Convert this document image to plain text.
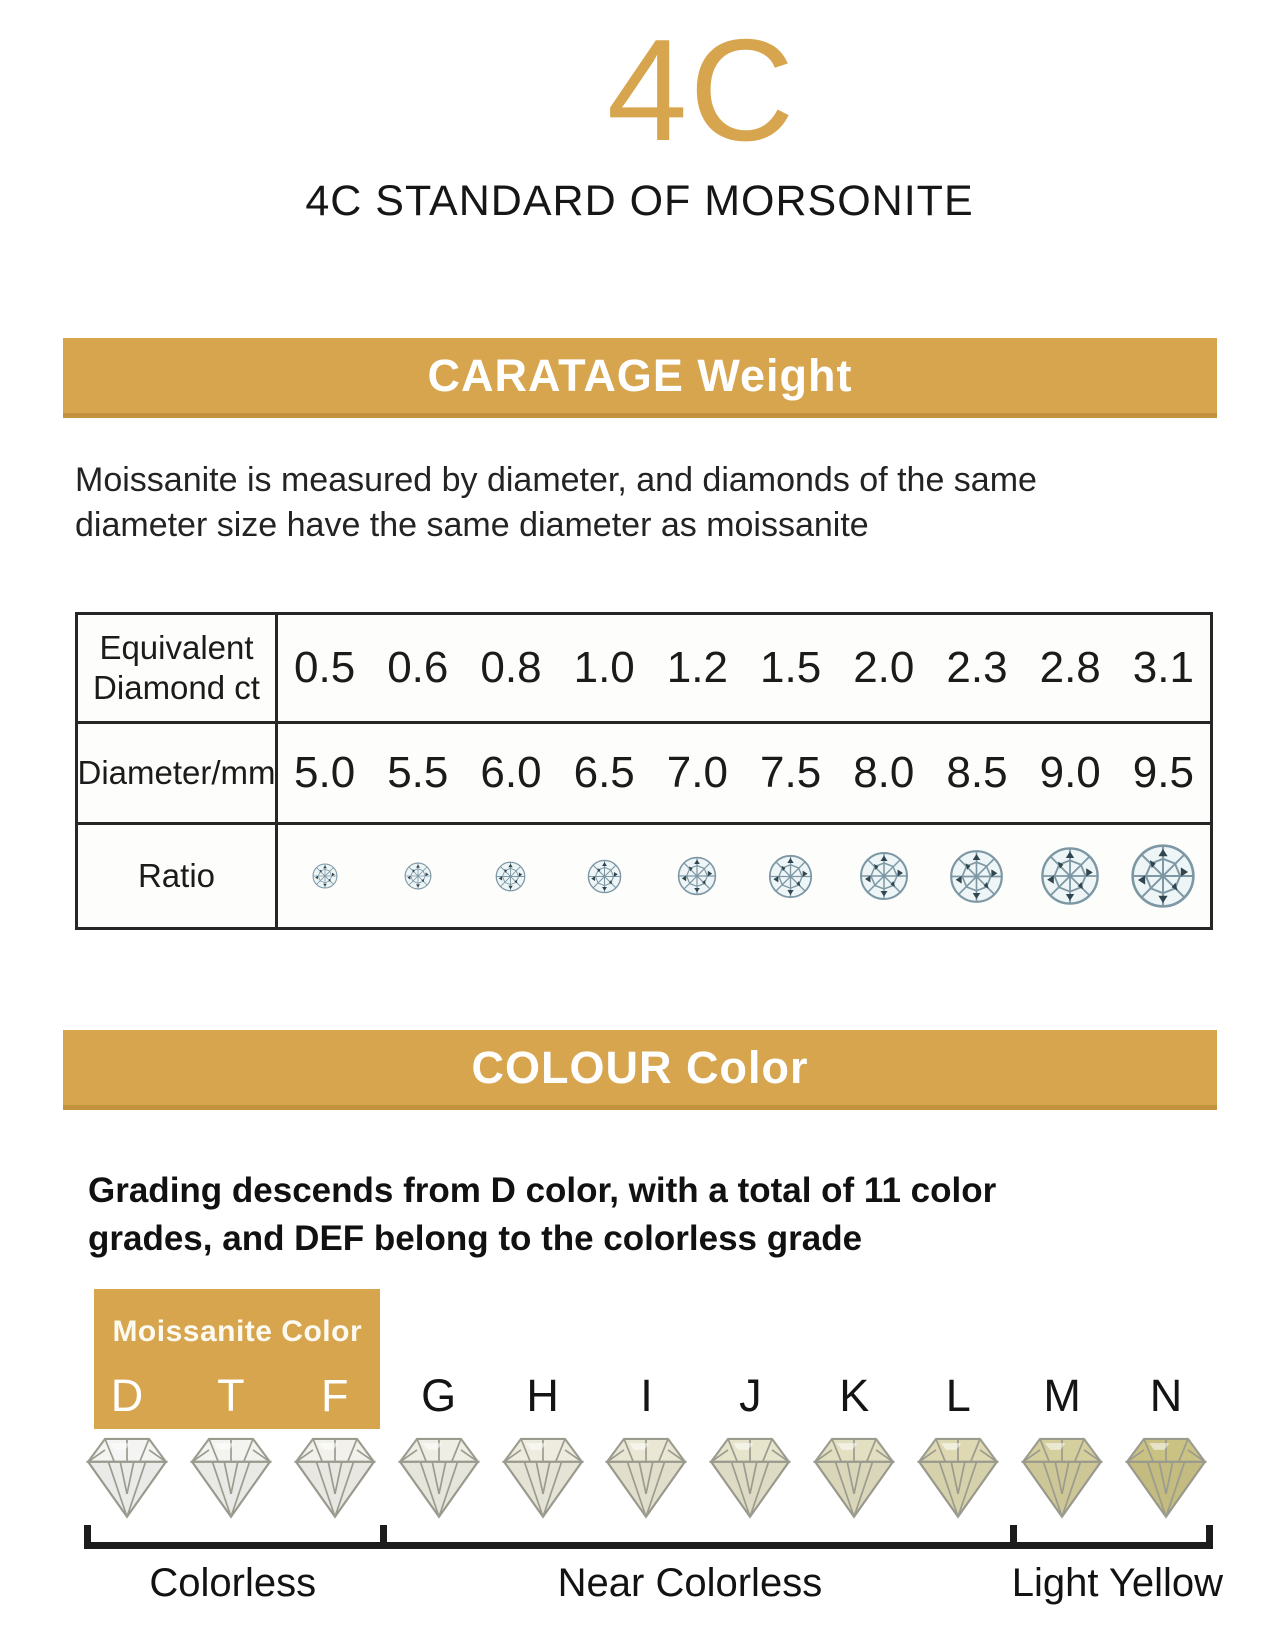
4C
4C STANDARD OF MORSONITE
CARATAGE Weight

Moissanite is measured by diameter, and diamonds of the same
diameter size have the same diameter as moissanite

Equivalent Diamond ct 0.5 0.6 0.8 1.0 1.2 1.5 2.0 2.3 2.8 3.1
Diameter/mm 5.0 5.5 6.0 6.5 7.0 7.5 8.0 8.5 9.0 9.5
Ratio
COLOUR Color

Grading descends from D color, with a total of 11 color
grades, and DEF belong to the colorless grade

Moissanite Color
D	T	F	G	H	I	J	K	L	M	N
Colorless	Near Colorless	Light Yellow
